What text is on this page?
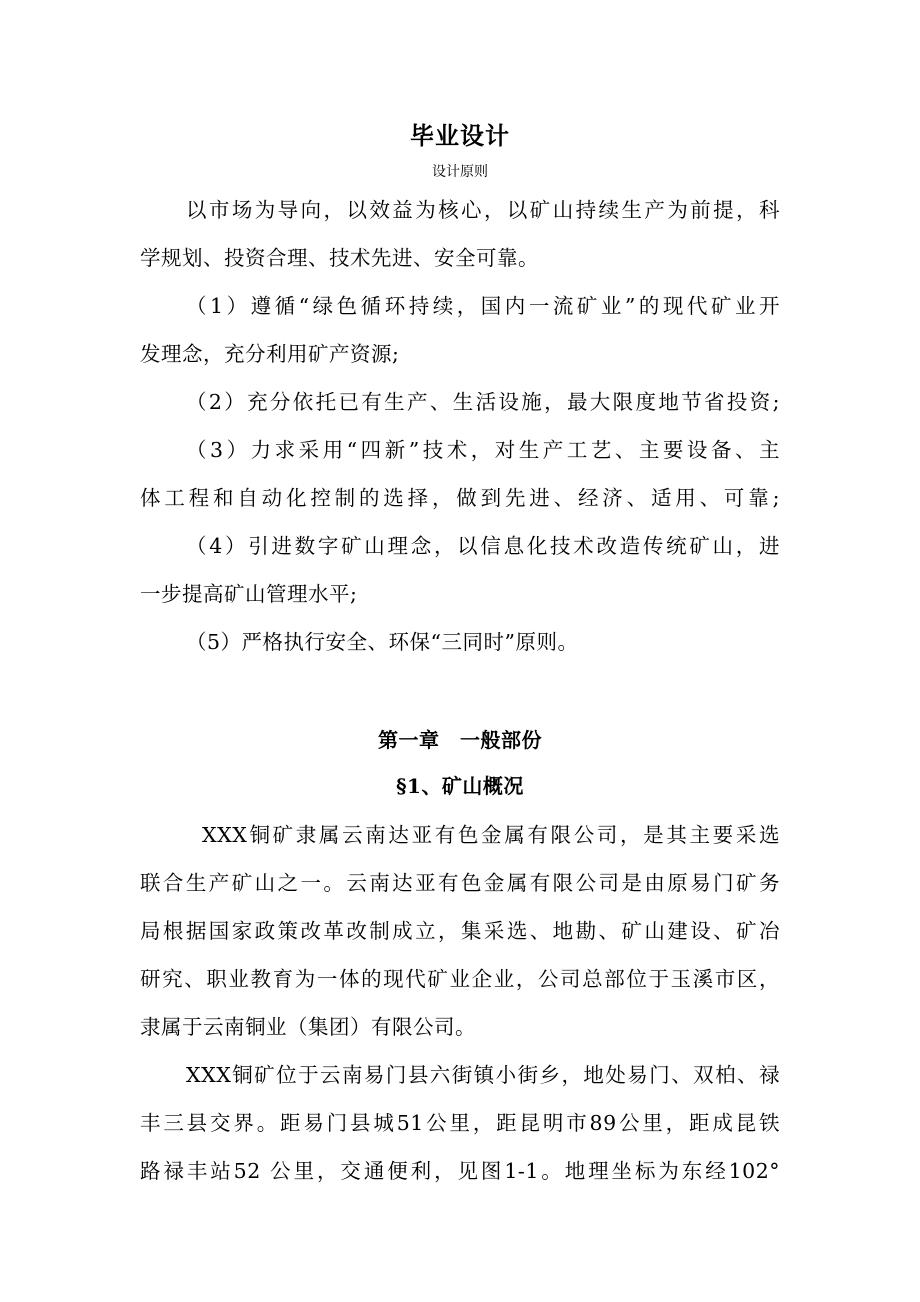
毕业设计
设计原则
以市场为导向，以效益为核心，以矿山持续生产为前提，科
学规划、投资合理、技术先进、安全可靠。
（1）遵循“绿色循环持续，国内一流矿业”的现代矿业开
发理念，充分利用矿产资源;
（2）充分依托已有生产、生活设施，最大限度地节省投资;
（3）力求采用“四新”技术，对生产工艺、主要设备、主
体工程和自动化控制的选择，做到先进、经济、适用、可靠;
（4）引进数字矿山理念，以信息化技术改造传统矿山，进
一步提高矿山管理水平;
（5）严格执行安全、环保“三同时”原则。
第一章　一般部份
§1、矿山概况
XXX铜矿隶属云南达亚有色金属有限公司，是其主要采选
联合生产矿山之一。云南达亚有色金属有限公司是由原易门矿务
局根据国家政策改革改制成立，集采选、地勘、矿山建设、矿冶
研究、职业教育为一体的现代矿业企业，公司总部位于玉溪市区，
隶属于云南铜业（集团）有限公司。
XXX铜矿位于云南易门县六街镇小街乡，地处易门、双柏、禄
丰三县交界。距易门县城51公里，距昆明市89公里，距成昆铁
路禄丰站52 公里，交通便利，见图1-1。地理坐标为东经102°
